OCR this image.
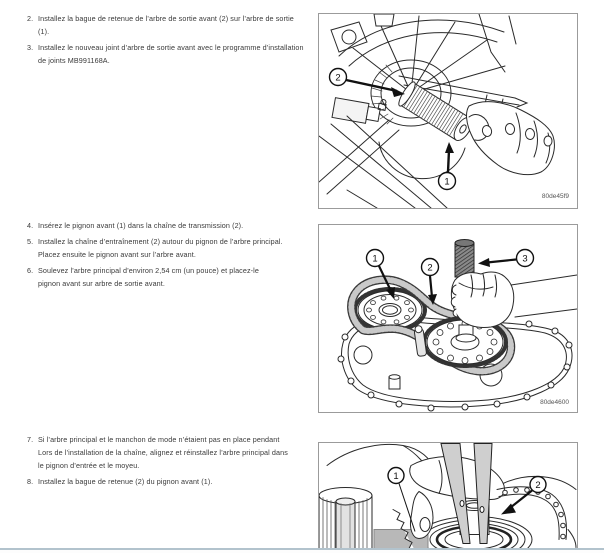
2. Installez la bague de retenue de l’arbre de sortie avant (2) sur l’arbre de sortie
(1).
3. Installez le nouveau joint d’arbre de sortie avant avec le programme d’installation
de joints MB991168A.
4. Insérez le pignon avant (1) dans la chaîne de transmission (2).
5. Installez la chaîne d’entraînement (2) autour du pignon de l’arbre principal.
Placez ensuite le pignon avant sur l’arbre avant.
6. Soulevez l’arbre principal d’environ 2,54 cm (un pouce) et placez-le
pignon avant sur arbre de sortie avant.
7. Si l’arbre principal et le manchon de mode n’étaient pas en place pendant
Lors de l’installation de la chaîne, alignez et réinstallez l’arbre principal dans
le pignon d’entrée et le moyeu.
8. Installez la bague de retenue (2) du pignon avant (1).
2
1
80de45f9
1
2
3
80de4600
1
2
